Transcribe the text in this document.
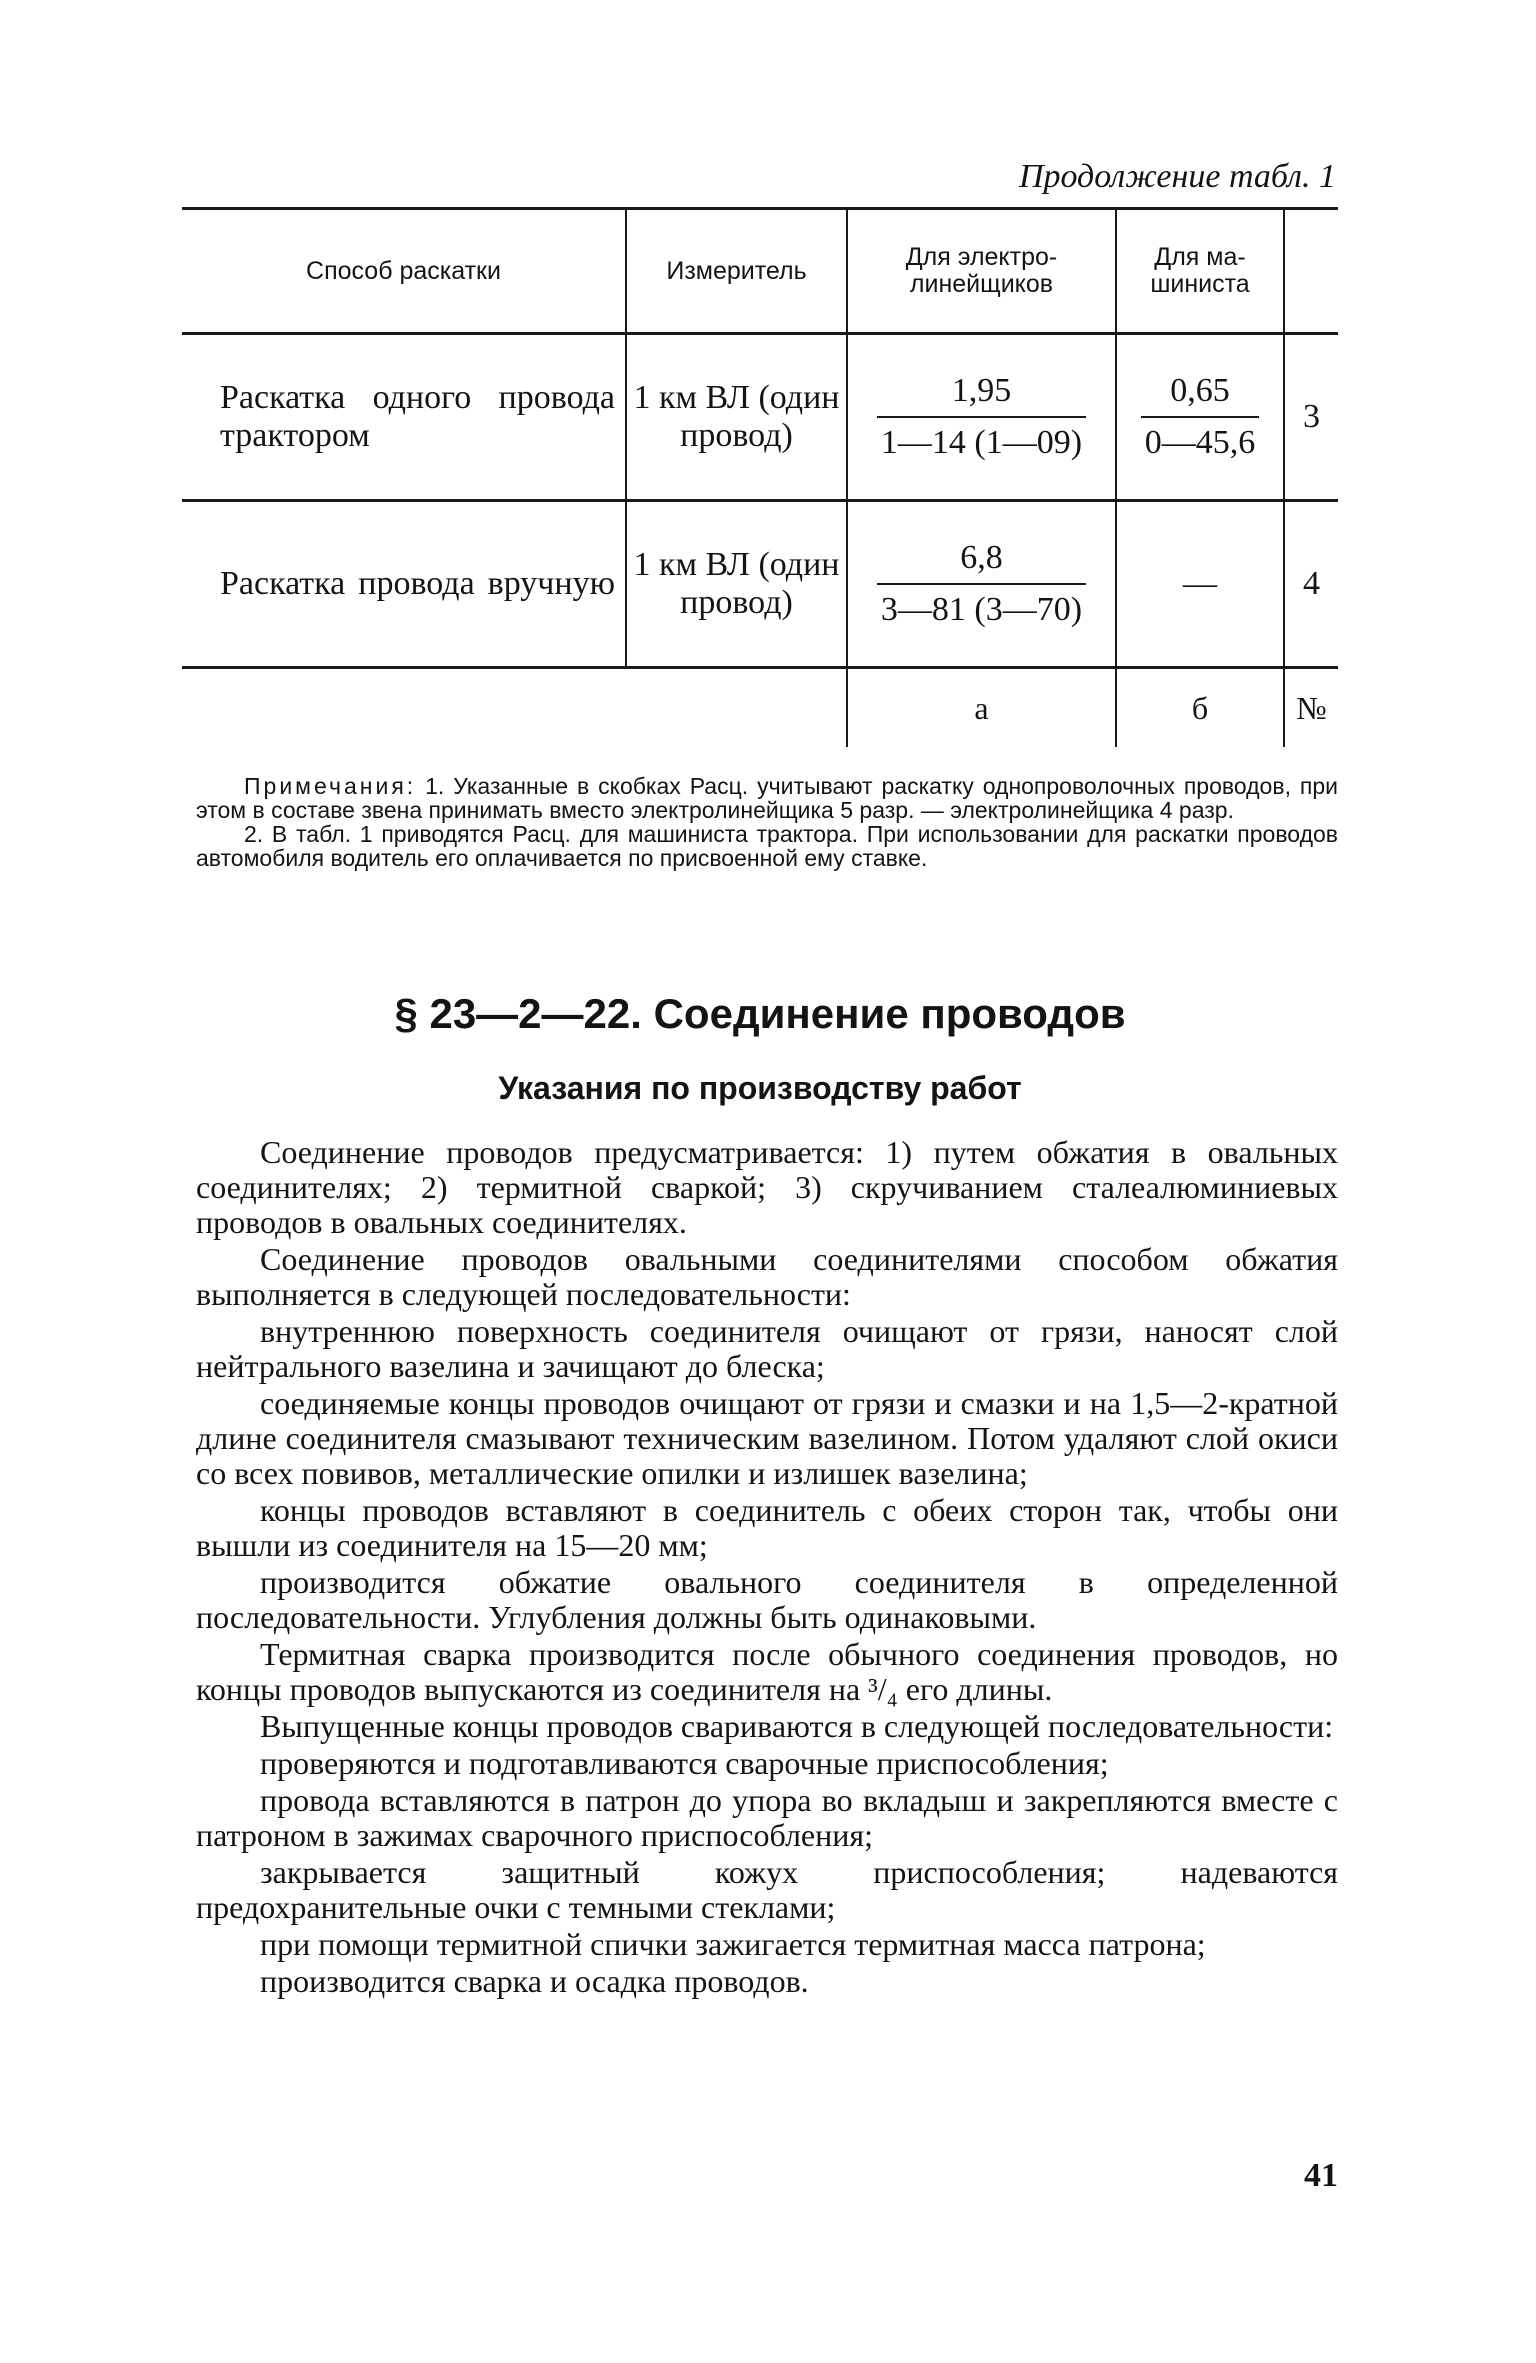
Продолжение табл. 1
Способ раскатки	Измеритель	Для электро-линейщиков	Для ма-шиниста	
Раскатка одного провода трактором	1 км ВЛ (один провод)	$\frac{1,95}{1—14 (1—09)}$	$\frac{0,65}{0—45,6}$	3
Раскатка провода вручную	1 км ВЛ (один провод)	$\frac{6,8}{3—81 (3—70)}$	—	4
		а	б	№

Примечания: 1. Указанные в скобках Расц. учитывают раскатку однопроволочных проводов, при этом в составе звена принимать вместо электролинейщика 5 разр. — электролинейщика 4 разр.

2. В табл. 1 приводятся Расц. для машиниста трактора. При использовании для раскатки проводов автомобиля водитель его оплачивается по присвоенной ему ставке.

§ 23—2—22. Соединение проводов
Указания по производству работ

Соединение проводов предусматривается: 1) путем обжатия в овальных соединителях; 2) термитной сваркой; 3) скручиванием сталеалюминиевых проводов в овальных соединителях.

Соединение проводов овальными соединителями способом обжатия выполняется в следующей последовательности:

внутреннюю поверхность соединителя очищают от грязи, наносят слой нейтрального вазелина и зачищают до блеска;

соединяемые концы проводов очищают от грязи и смазки и на 1,5—2-кратной длине соединителя смазывают техническим вазелином. Потом удаляют слой окиси со всех повивов, металлические опилки и излишек вазелина;

концы проводов вставляют в соединитель с обеих сторон так, чтобы они вышли из соединителя на 15—20 мм;

производится обжатие овального соединителя в определенной последовательности. Углубления должны быть одинаковыми.

Термитная сварка производится после обычного соединения проводов, но концы проводов выпускаются из соединителя на ³/₄ его длины.

Выпущенные концы проводов свариваются в следующей последовательности:

проверяются и подготавливаются сварочные приспособления;

провода вставляются в патрон до упора во вкладыш и закрепляются вместе с патроном в зажимах сварочного приспособления;

закрывается защитный кожух приспособления; надеваются предохранительные очки с темными стеклами;

при помощи термитной спички зажигается термитная масса патрона;

производится сварка и осадка проводов.

41
